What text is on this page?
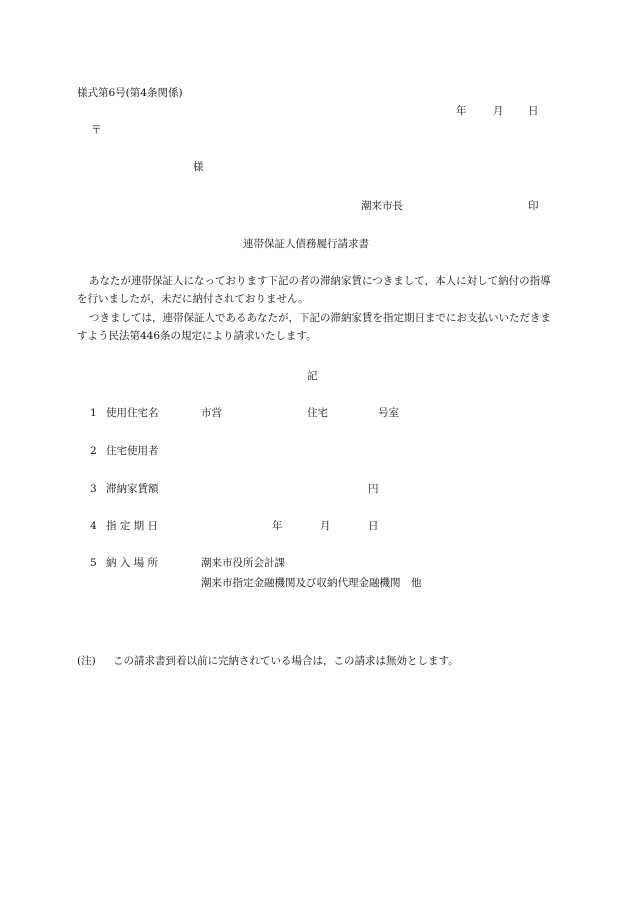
様式第6号(第4条関係)
年	月 日
〒
様
潮来市長	印
連帯保証人債務履行請求書
あなたが連帯保証人になっております下記の者の滞納家賃につきまして，本人に対して納付の指導を行いましたが，未だに納付されておりません。
つきましては，連帯保証人であるあなたが，下記の滞納家賃を指定期日までにお支払いいただきますよう民法第446条の規定により請求いたします。
記
1 使用住宅名	市営	住宅	号室
2 住宅使用者
3 滞納家賃額	円
4 指 定 期 日	年	月	日
5 納 入 場 所	潮来市役所会計課
潮来市指定金融機関及び収納代理金融機関　他
(注) この請求書到着以前に完納されている場合は，この請求は無効とします。
